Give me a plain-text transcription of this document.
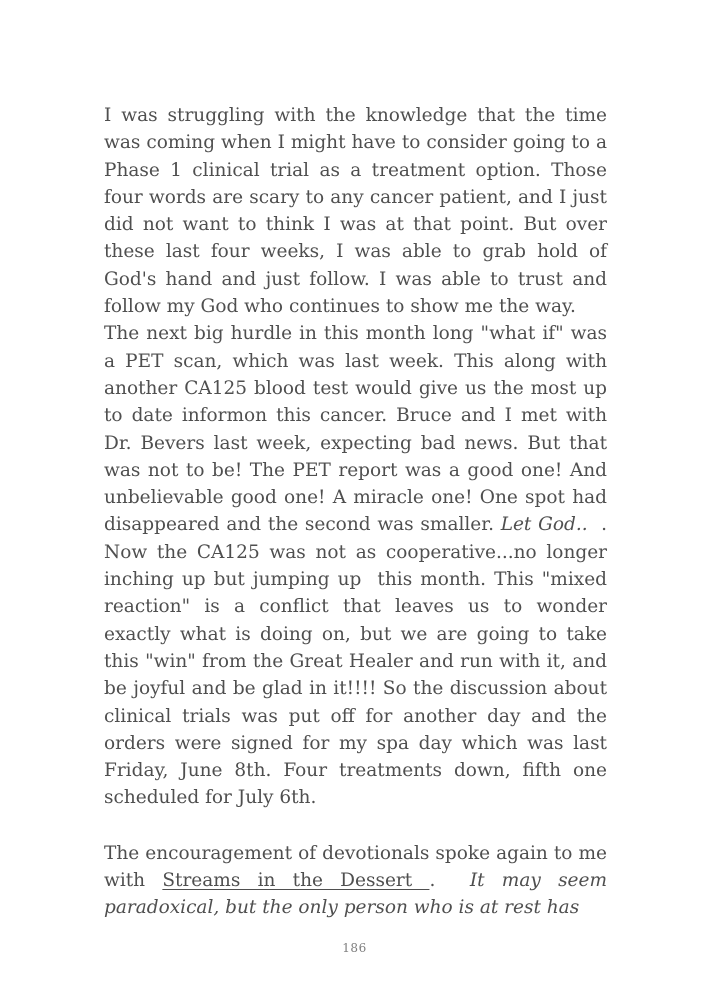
I was struggling with the knowledge that the time was coming when I might have to consider going to a Phase 1 clinical trial as a treatment option. Those four words are scary to any cancer patient, and I just did not want to think I was at that point. But over these last four weeks, I was able to grab hold of God's hand and just follow. I was able to trust and follow my God who continues to show me the way.

The next big hurdle in this month long "what if" was a PET scan, which was last week. This along with another CA125 blood test would give us the most up to date informon this cancer. Bruce and I met with Dr. Bevers last week, expecting bad news. But that was not to be! The PET report was a good one! And unbelievable good one! A miracle one! One spot had disappeared and the second was smaller. Let God..  . Now the CA125 was not as cooperative...no longer inching up but jumping up  this month. This "mixed reaction" is a conflict that leaves us to wonder exactly what is doing on, but we are going to take this "win" from the Great Healer and run with it, and be joyful and be glad in it!!!! So the discussion about clinical trials was put off for another day and the orders were signed for my spa day which was last Friday, June 8th. Four treatments down, fifth one scheduled for July 6th.

The encouragement of devotionals spoke again to me with Streams in the Dessert .  It may seem paradoxical, but the only person who is at rest has

186
